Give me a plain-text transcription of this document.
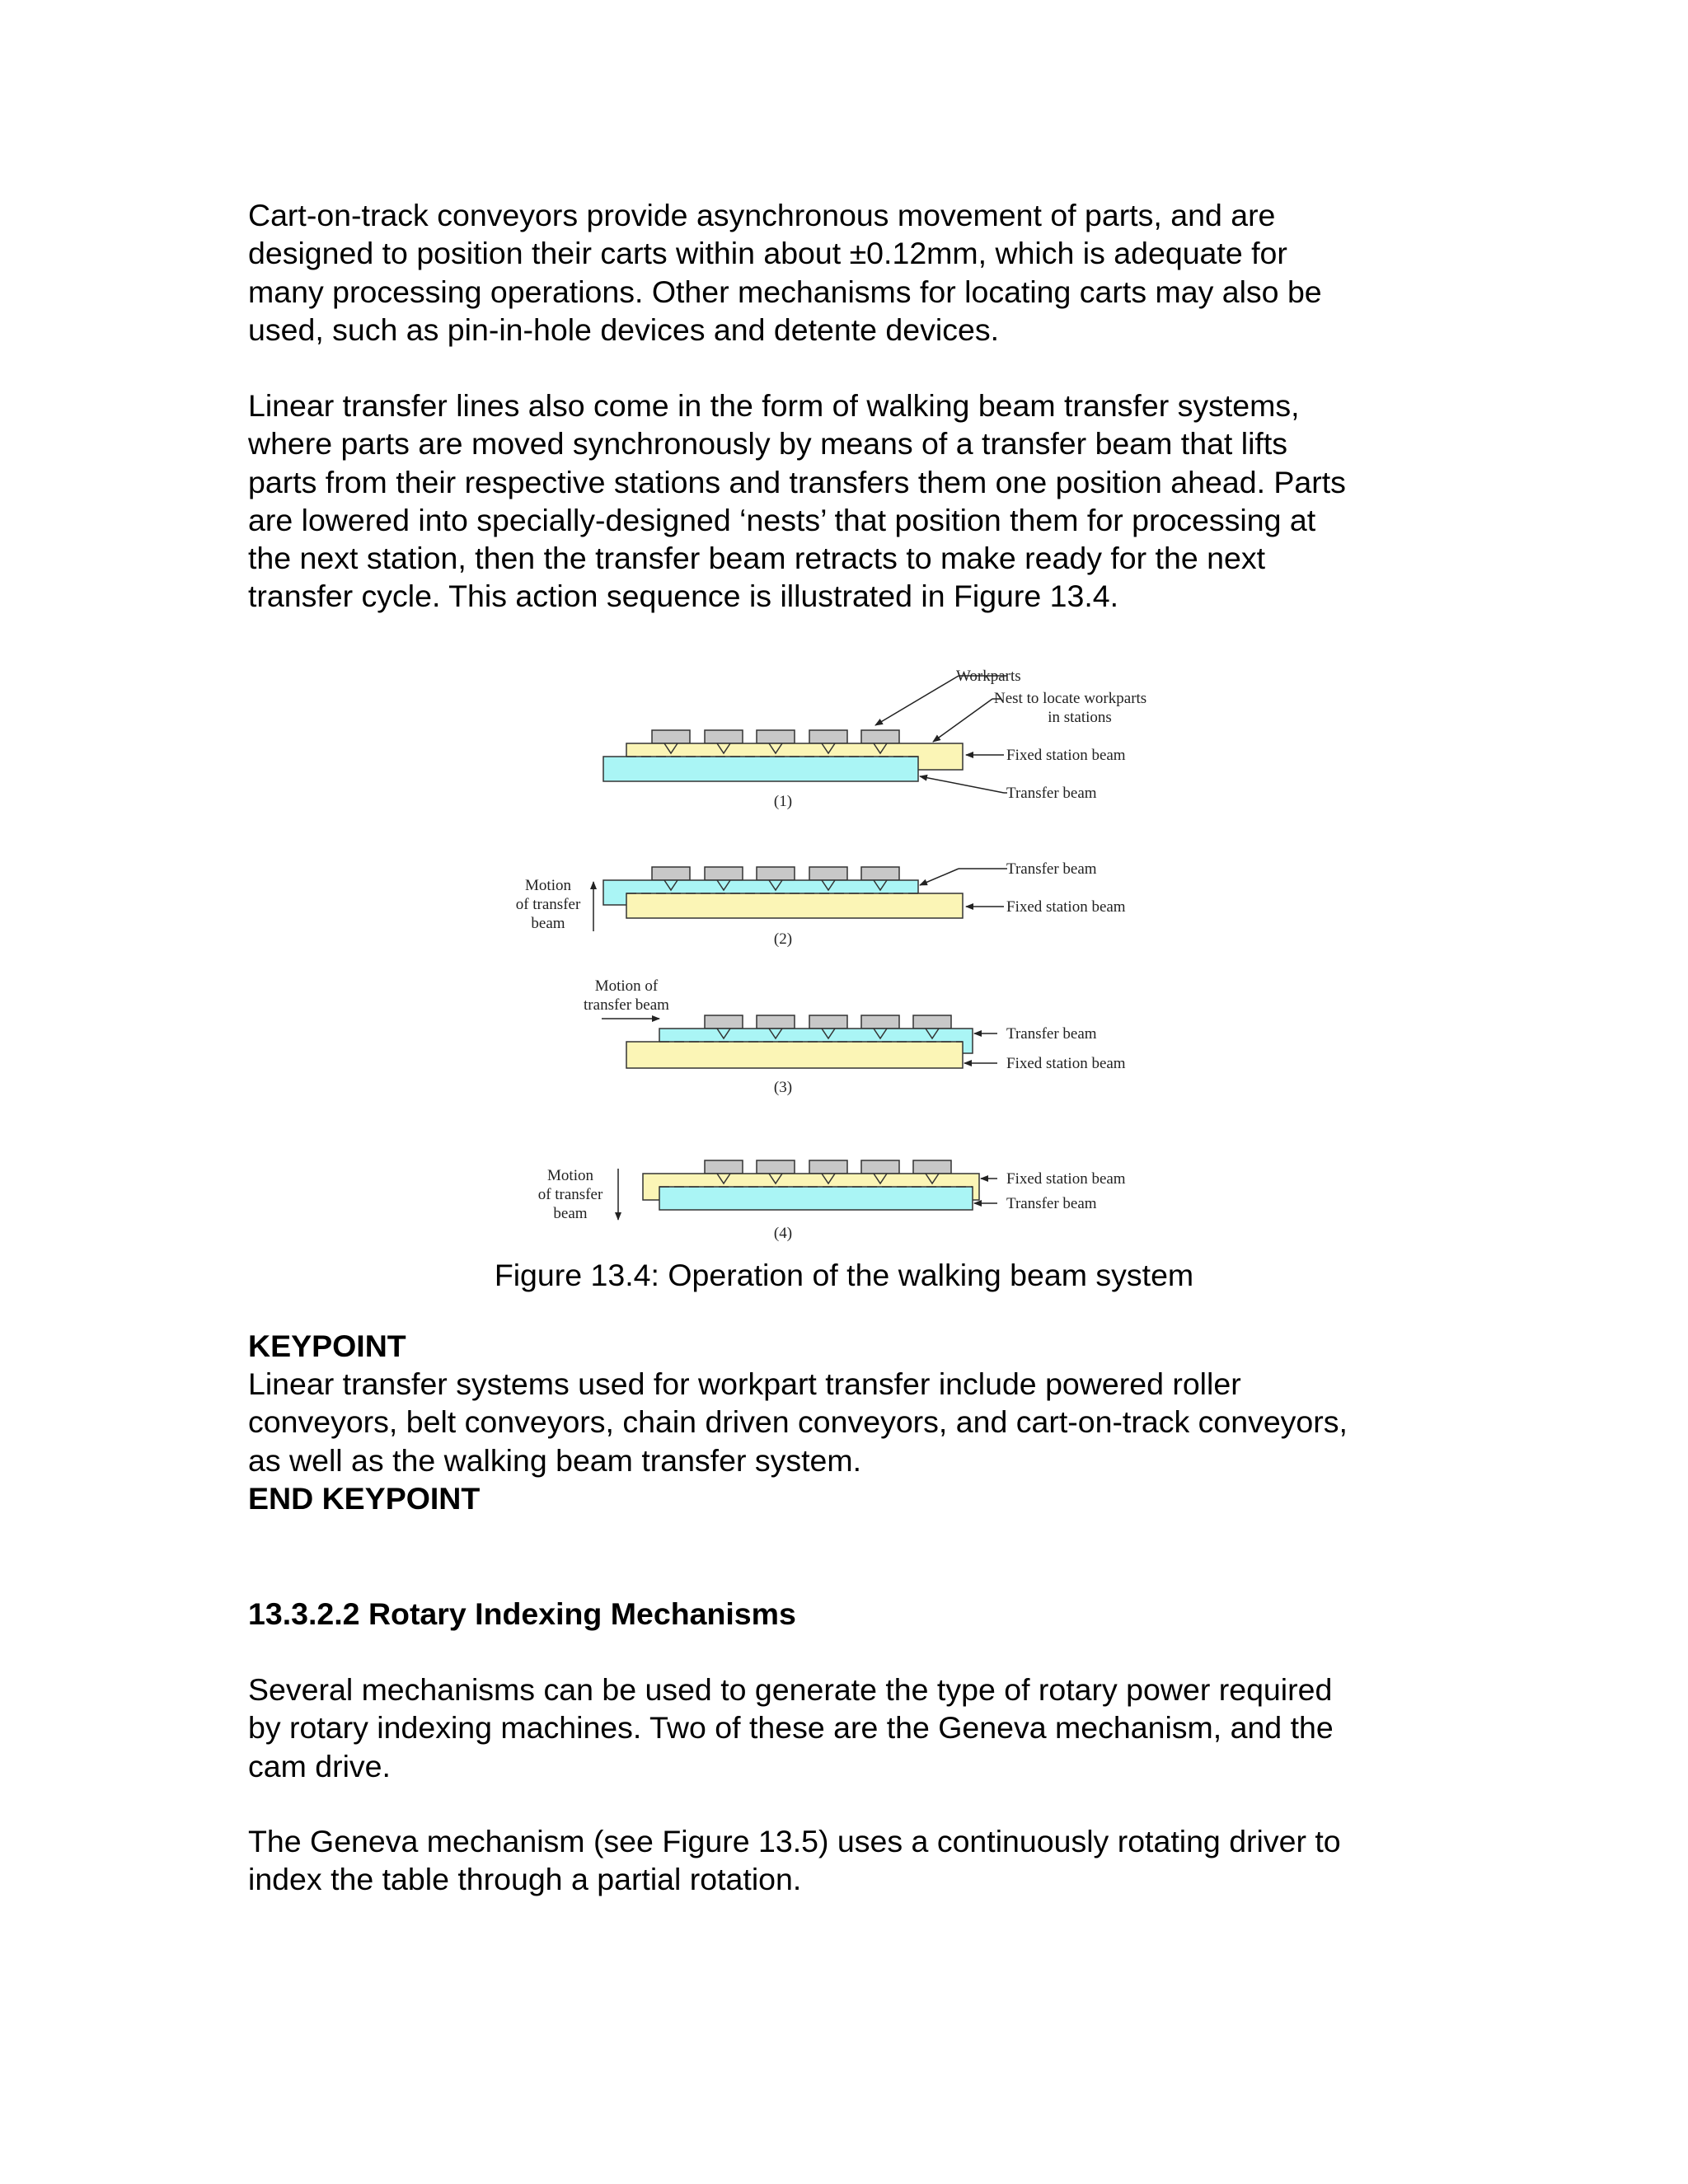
Cart-on-track conveyors provide asynchronous movement of parts, and are
designed to position their carts within about ±0.12mm, which is adequate for
many processing operations. Other mechanisms for locating carts may also be
used, such as pin-in-hole devices and detente devices.

Linear transfer lines also come in the form of walking beam transfer systems,
where parts are moved synchronously by means of a transfer beam that lifts
parts from their respective stations and transfers them one position ahead. Parts
are lowered into specially-designed ‘nests’ that position them for processing at
the next station, then the transfer beam retracts to make ready for the next
transfer cycle. This action sequence is illustrated in Figure 13.4.

(1)
Workparts
Nest to locate workparts
in stations
Fixed station beam
Transfer beam
(2)
Transfer beam
Fixed station beam
Motion
of transfer
beam
(3)
Transfer beam
Fixed station beam
Motion of
transfer beam
(4)
Fixed station beam
Transfer beam
Motion
of transfer
beam

Figure 13.4: Operation of the walking beam system

KEYPOINT

Linear transfer systems used for workpart transfer include powered roller
conveyors, belt conveyors, chain driven conveyors, and cart-on-track conveyors,
as well as the walking beam transfer system.

END KEYPOINT

13.3.2.2 Rotary Indexing Mechanisms

Several mechanisms can be used to generate the type of rotary power required
by rotary indexing machines. Two of these are the Geneva mechanism, and the
cam drive.

The Geneva mechanism (see Figure 13.5) uses a continuously rotating driver to
index the table through a partial rotation.
